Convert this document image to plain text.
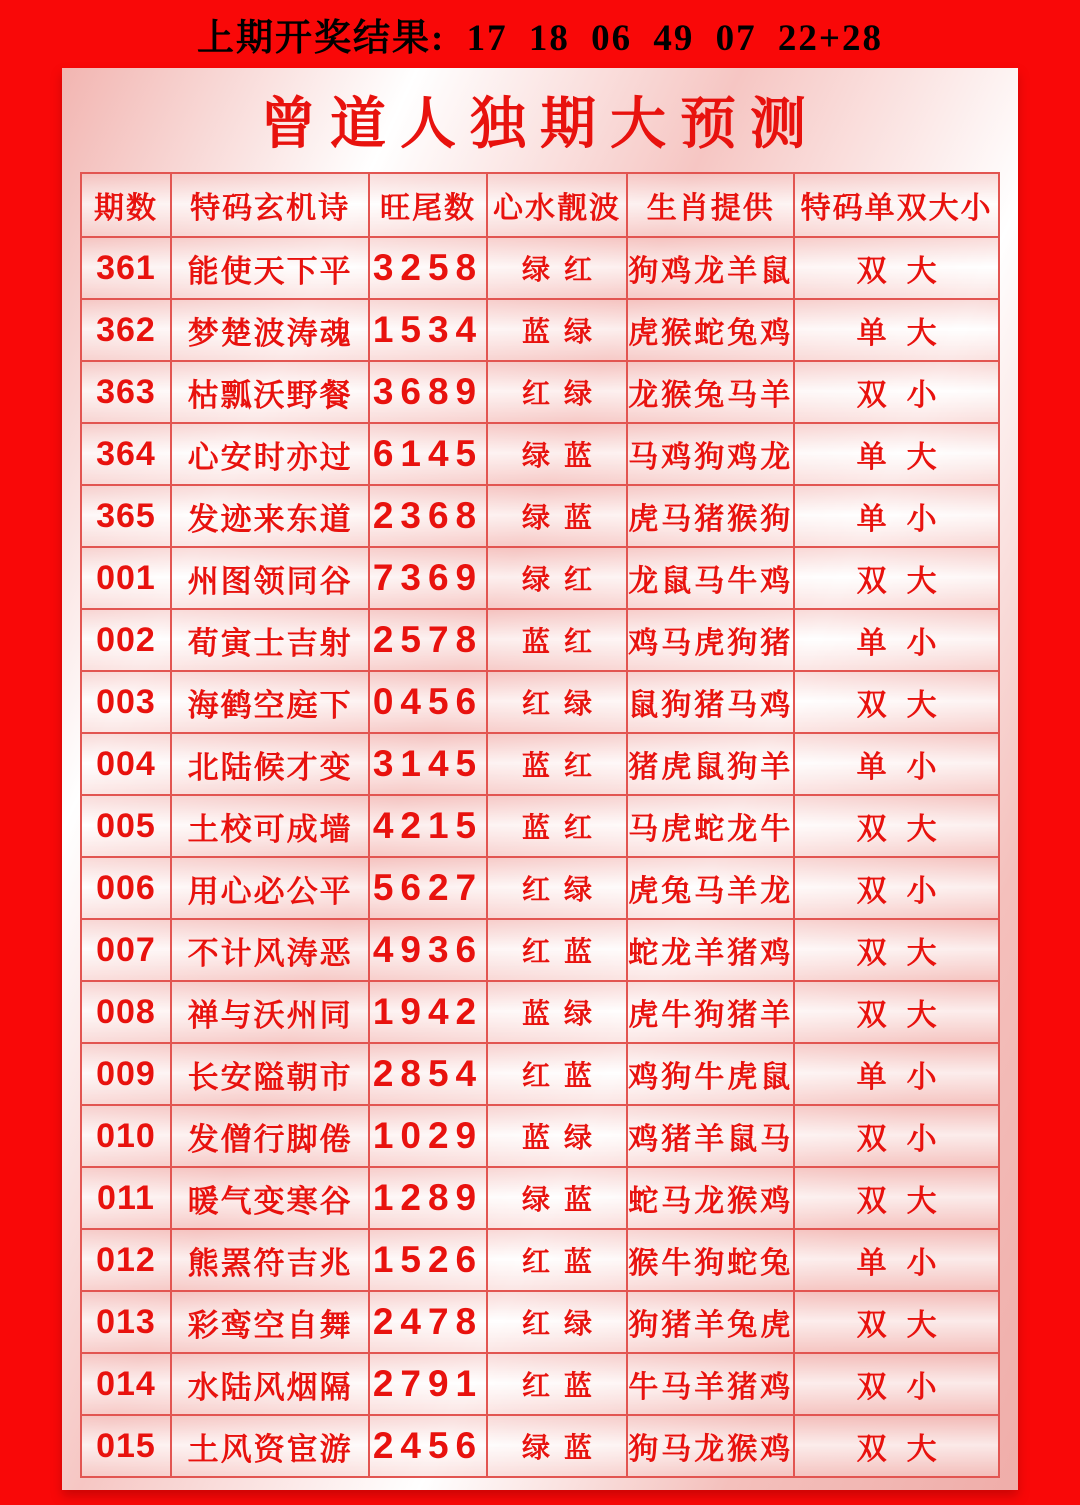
上期开奖结果: 17 18 06 49 07 22+28
曾道人独期大预测
期数	特码玄机诗	旺尾数	心水靓波	生肖提供	特码单双大小
361	能使天下平	3258	绿红	狗鸡龙羊鼠	双大
362	梦楚波涛魂	1534	蓝绿	虎猴蛇兔鸡	单大
363	枯瓢沃野餐	3689	红绿	龙猴兔马羊	双小
364	心安时亦过	6145	绿蓝	马鸡狗鸡龙	单大
365	发迹来东道	2368	绿蓝	虎马猪猴狗	单小
001	州图领同谷	7369	绿红	龙鼠马牛鸡	双大
002	荀寅士吉射	2578	蓝红	鸡马虎狗猪	单小
003	海鹤空庭下	0456	红绿	鼠狗猪马鸡	双大
004	北陆候才变	3145	蓝红	猪虎鼠狗羊	单小
005	土校可成墙	4215	蓝红	马虎蛇龙牛	双大
006	用心必公平	5627	红绿	虎兔马羊龙	双小
007	不计风涛恶	4936	红蓝	蛇龙羊猪鸡	双大
008	禅与沃州同	1942	蓝绿	虎牛狗猪羊	双大
009	长安隘朝市	2854	红蓝	鸡狗牛虎鼠	单小
010	发僧行脚倦	1029	蓝绿	鸡猪羊鼠马	双小
011	暖气变寒谷	1289	绿蓝	蛇马龙猴鸡	双大
012	熊罴符吉兆	1526	红蓝	猴牛狗蛇兔	单小
013	彩鸾空自舞	2478	红绿	狗猪羊兔虎	双大
014	水陆风烟隔	2791	红蓝	牛马羊猪鸡	双小
015	土风资宦游	2456	绿蓝	狗马龙猴鸡	双大
